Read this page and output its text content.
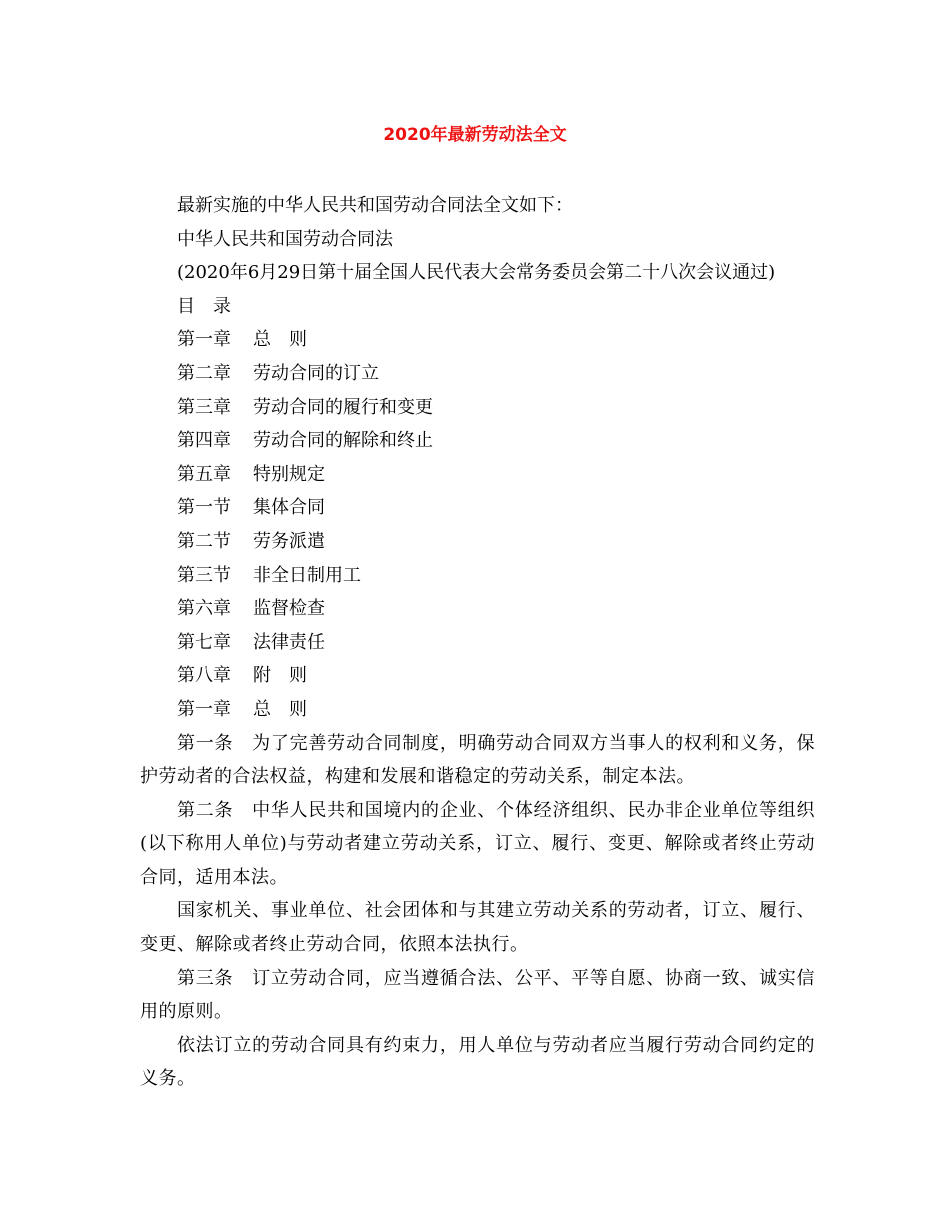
2020年最新劳动法全文
最新实施的中华人民共和国劳动合同法全文如下：
中华人民共和国劳动合同法
(2020年6月29日第十届全国人民代表大会常务委员会第二十八次会议通过)
目　录
第一章 总　则
第二章 劳动合同的订立
第三章 劳动合同的履行和变更
第四章 劳动合同的解除和终止
第五章 特别规定
第一节 集体合同
第二节 劳务派遣
第三节 非全日制用工
第六章 监督检查
第七章 法律责任
第八章 附　则
第一章 总　则
第一条　为了完善劳动合同制度，明确劳动合同双方当事人的权利和义务，保护劳动者的合法权益，构建和发展和谐稳定的劳动关系，制定本法。
第二条　中华人民共和国境内的企业、个体经济组织、民办非企业单位等组织(以下称用人单位)与劳动者建立劳动关系，订立、履行、变更、解除或者终止劳动合同，适用本法。
国家机关、事业单位、社会团体和与其建立劳动关系的劳动者，订立、履行、变更、解除或者终止劳动合同，依照本法执行。
第三条　订立劳动合同，应当遵循合法、公平、平等自愿、协商一致、诚实信用的原则。
依法订立的劳动合同具有约束力，用人单位与劳动者应当履行劳动合同约定的义务。
